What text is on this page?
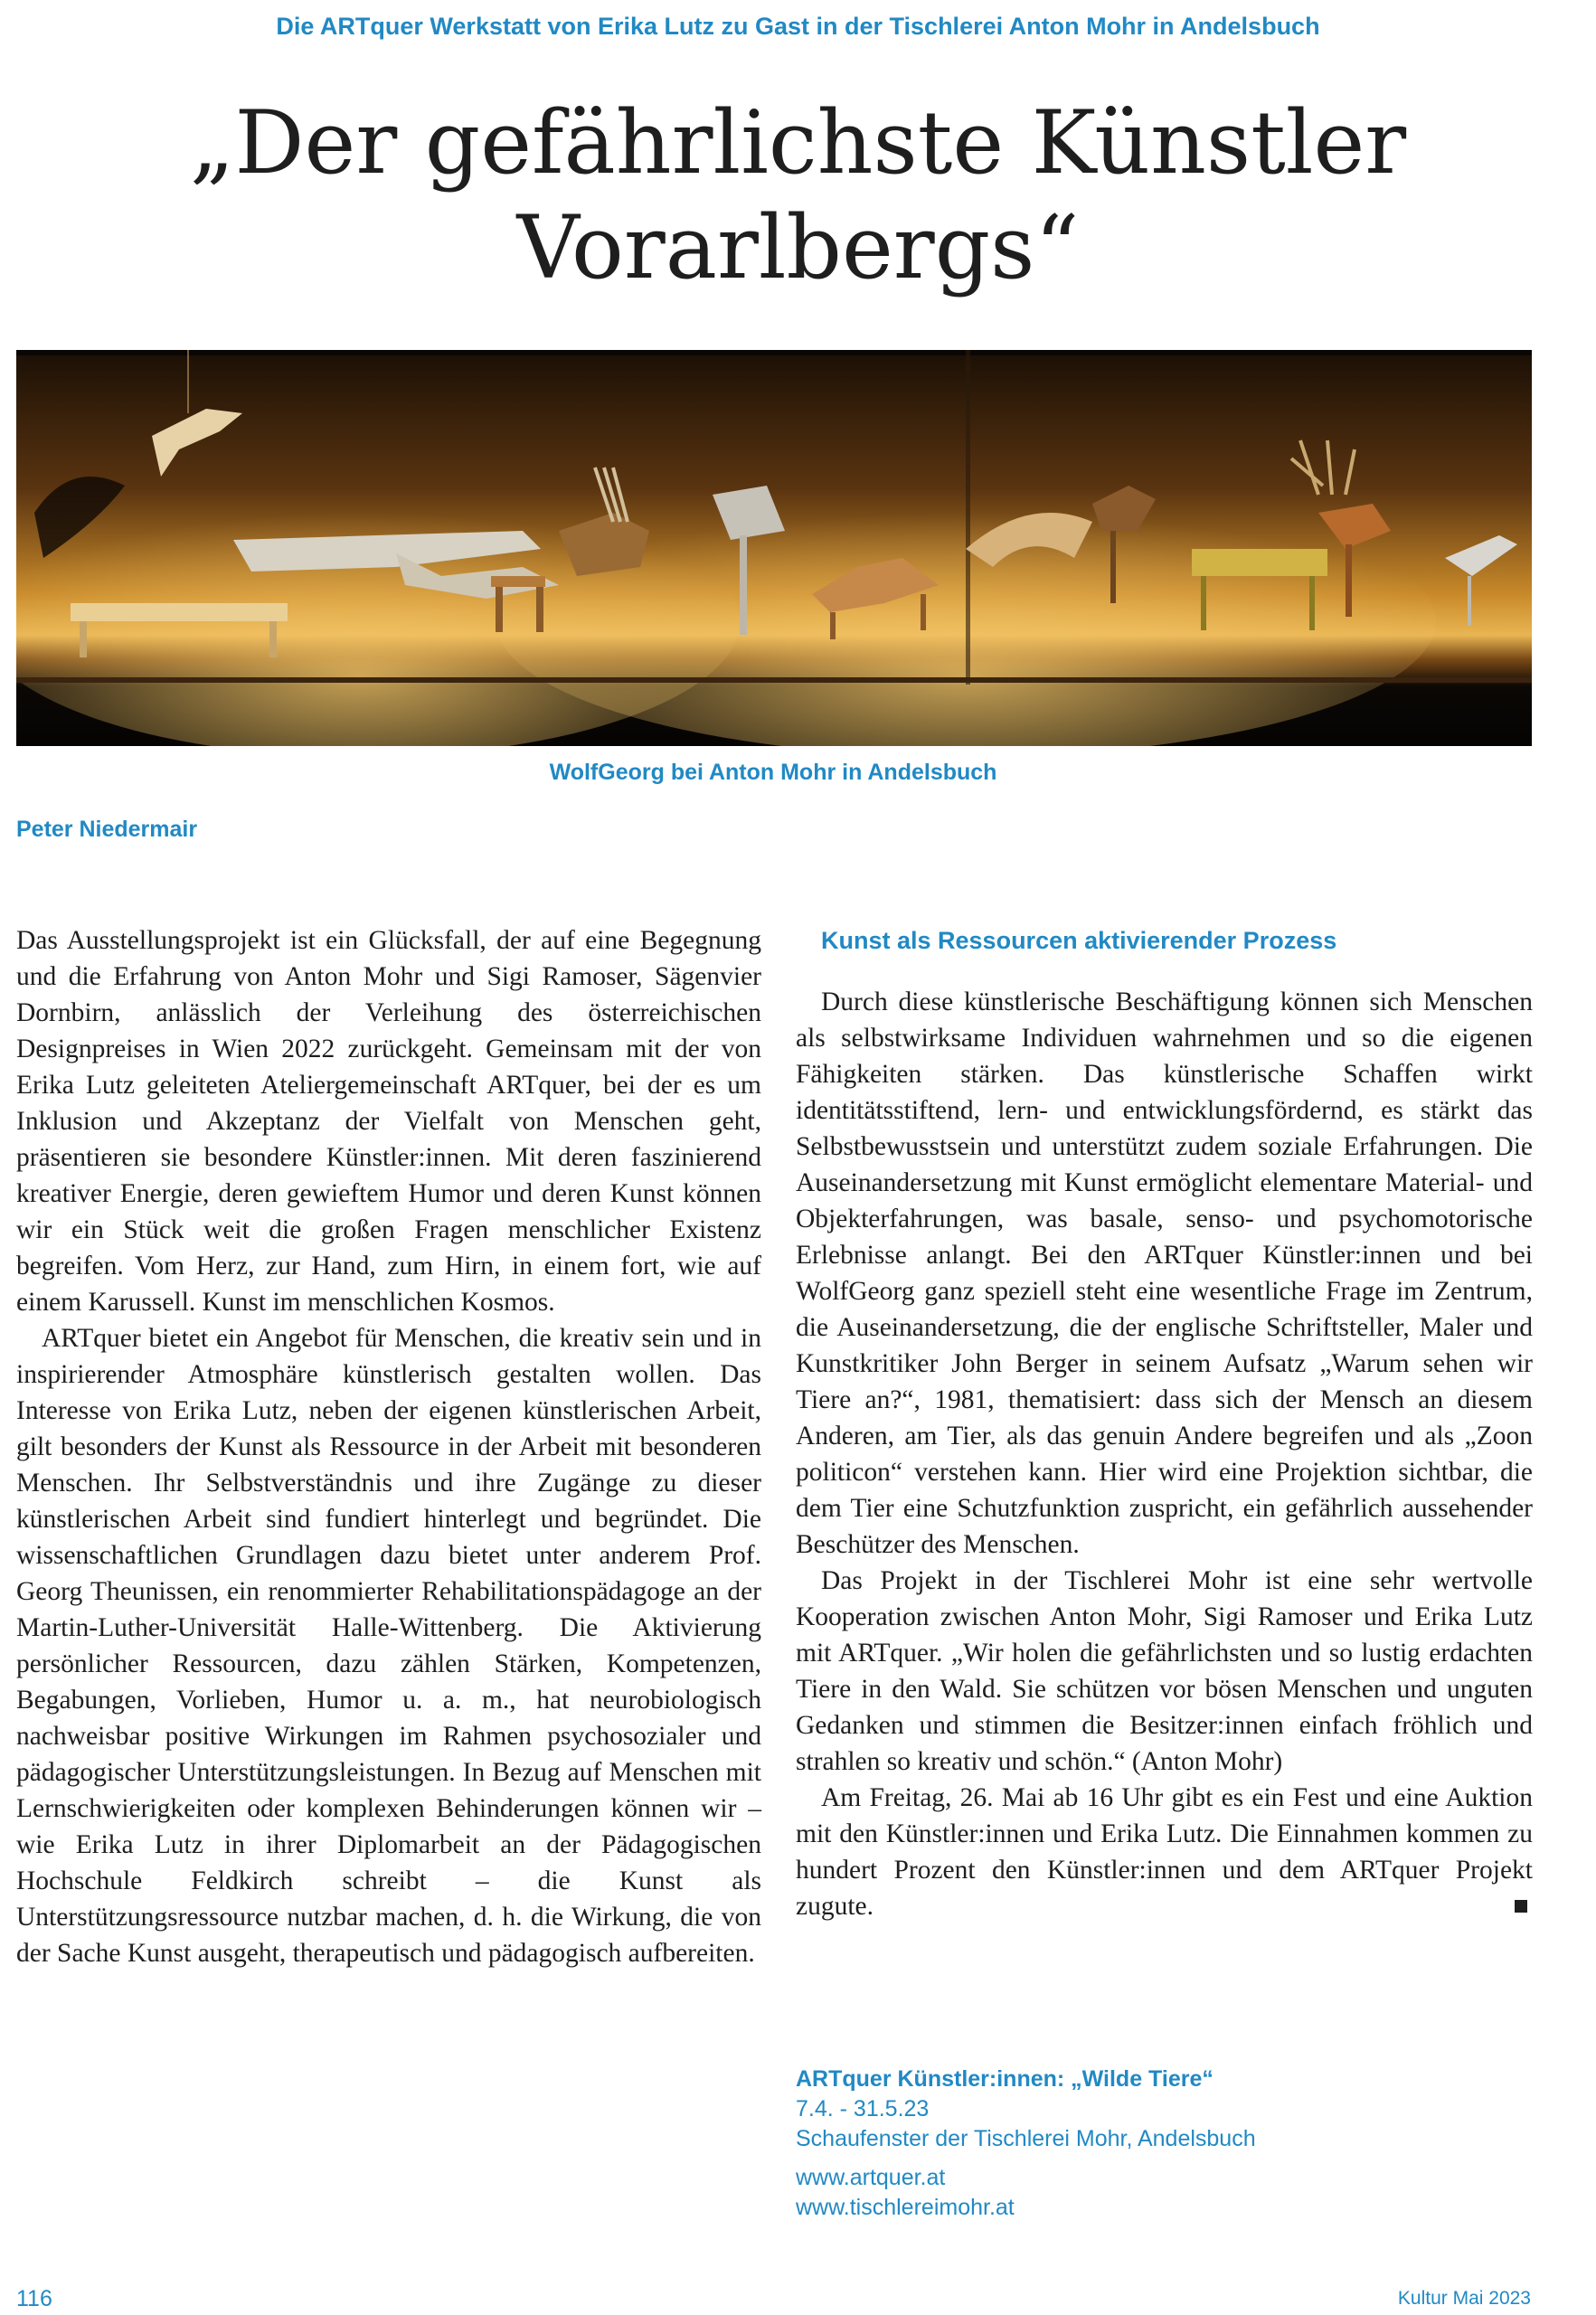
Die ARTquer Werkstatt von Erika Lutz zu Gast in der Tischlerei Anton Mohr in Andelsbuch
„Der gefährlichste Künstler
Vorarlbergs“
WolfGeorg bei Anton Mohr in Andelsbuch
Peter Niedermair

Das Ausstellungsprojekt ist ein Glücksfall, der auf eine Begegnung und die Erfahrung von Anton Mohr und Sigi Ramoser, Sägenvier Dornbirn, anlässlich der Verleihung des österreichischen Designpreises in Wien 2022 zurückgeht. Gemeinsam mit der von Erika Lutz geleiteten Ateliergemeinschaft ARTquer, bei der es um Inklusion und Akzeptanz der Vielfalt von Menschen geht, präsentieren sie besondere Künstler:innen. Mit deren faszinierend kreativer Energie, deren gewieftem Humor und deren Kunst können wir ein Stück weit die großen Fragen menschlicher Existenz begreifen. Vom Herz, zur Hand, zum Hirn, in einem fort, wie auf einem Karussell. Kunst im menschlichen Kosmos.

ARTquer bietet ein Angebot für Menschen, die kreativ sein und in inspirierender Atmosphäre künstlerisch gestalten wollen. Das Interesse von Erika Lutz, neben der eigenen künstlerischen Arbeit, gilt besonders der Kunst als Ressource in der Arbeit mit besonderen Menschen. Ihr Selbstverständnis und ihre Zugänge zu dieser künstlerischen Arbeit sind fundiert hinterlegt und begründet. Die wissenschaftlichen Grundlagen dazu bietet unter anderem Prof. Georg Theunissen, ein renommierter Rehabilitationspädagoge an der Martin-Luther-Universität Halle-Wittenberg. Die Aktivierung persönlicher Ressourcen, dazu zählen Stärken, Kompetenzen, Begabungen, Vorlieben, Humor u. a. m., hat neurobiologisch nachweisbar positive Wirkungen im Rahmen psychosozialer und pädagogischer Unterstützungsleistungen. In Bezug auf Menschen mit Lernschwierigkeiten oder komplexen Behinderungen können wir – wie Erika Lutz in ihrer Diplomarbeit an der Pädagogischen Hochschule Feldkirch schreibt – die Kunst als Unterstützungsressource nutzbar machen, d. h. die Wirkung, die von der Sache Kunst ausgeht, therapeutisch und pädagogisch aufbereiten.

Kunst als Ressourcen aktivierender Prozess

Durch diese künstlerische Beschäftigung können sich Menschen als selbstwirksame Individuen wahrnehmen und so die eigenen Fähigkeiten stärken. Das künstlerische Schaffen wirkt identitätsstiftend, lern- und entwicklungsfördernd, es stärkt das Selbstbewusstsein und unterstützt zudem soziale Erfahrungen. Die Auseinandersetzung mit Kunst ermöglicht elementare Material- und Objekterfahrungen, was basale, senso- und psychomotorische Erlebnisse anlangt. Bei den ARTquer Künstler:innen und bei WolfGeorg ganz speziell steht eine wesentliche Frage im Zentrum, die Auseinandersetzung, die der englische Schriftsteller, Maler und Kunstkritiker John Berger in seinem Aufsatz „Warum sehen wir Tiere an?“, 1981, thematisiert: dass sich der Mensch an diesem Anderen, am Tier, als das genuin Andere begreifen und als „Zoon politicon“ verstehen kann. Hier wird eine Projektion sichtbar, die dem Tier eine Schutzfunktion zuspricht, ein gefährlich aussehender Beschützer des Menschen.

Das Projekt in der Tischlerei Mohr ist eine sehr wertvolle Kooperation zwischen Anton Mohr, Sigi Ramoser und Erika Lutz mit ARTquer. „Wir holen die gefährlichsten und so lustig erdachten Tiere in den Wald. Sie schützen vor bösen Menschen und unguten Gedanken und stimmen die Besitzer:innen einfach fröhlich und strahlen so kreativ und schön.“ (Anton Mohr)

Am Freitag, 26. Mai ab 16 Uhr gibt es ein Fest und eine Auktion mit den Künstler:innen und Erika Lutz. Die Einnahmen kommen zu hundert Prozent den Künstler:innen und dem ARTquer Projekt zugute.

ARTquer Künstler:innen: „Wilde Tiere“
7.4. - 31.5.23
Schaufenster der Tischlerei Mohr, Andelsbuch
www.artquer.at
www.tischlereimohr.at
116	Kultur Mai 2023
